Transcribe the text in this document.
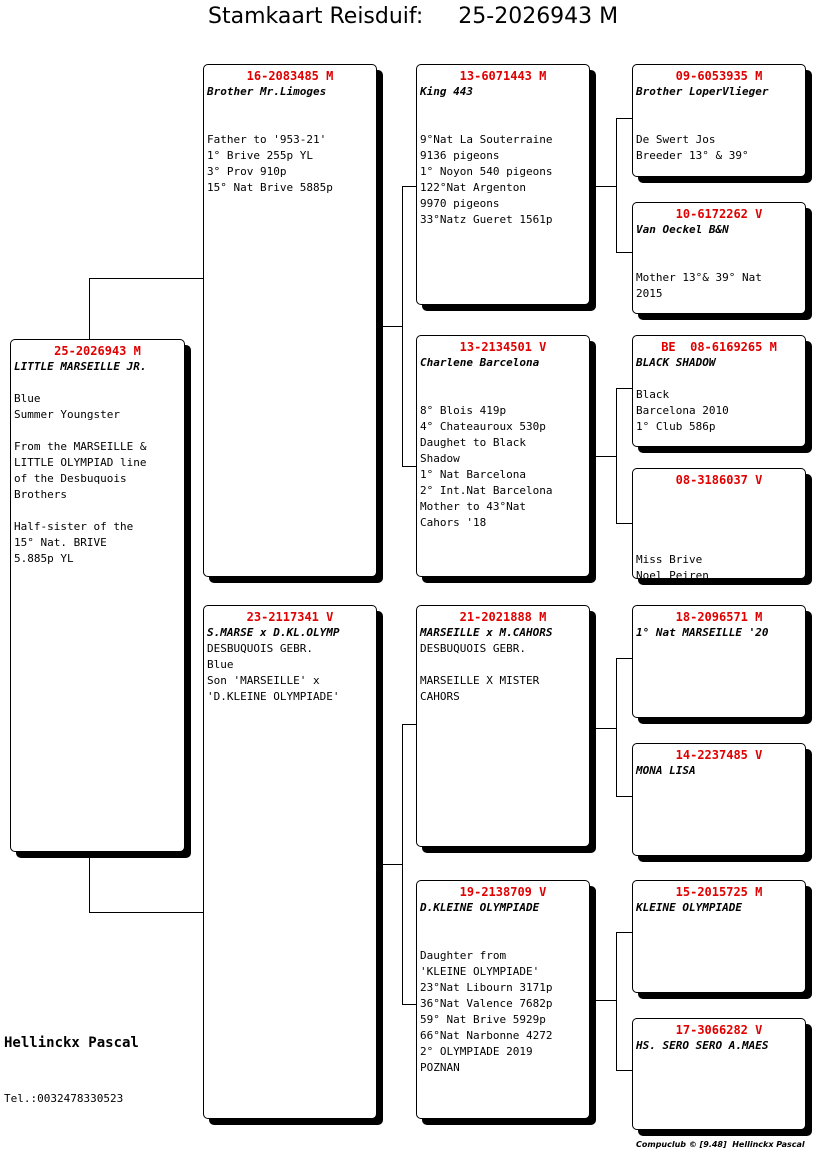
Stamkaart Reisduif: 25-2026943 M
25-2026943 M
LITTLE MARSEILLE JR.
Blue
Summer Youngster
From the MARSEILLE &
LITTLE OLYMPIAD line
of the Desbuquois
Brothers
Half-sister of the
15° Nat. BRIVE
5.885p YL
16-2083485 M
Brother Mr.Limoges
Father to '953-21'
1° Brive 255p YL
3° Prov 910p
15° Nat Brive 5885p
23-2117341 V
S.MARSE x D.KL.OLYMP
DESBUQUOIS GEBR.
Blue
Son 'MARSEILLE' x
'D.KLEINE OLYMPIADE'
13-6071443 M
King 443
9°Nat La Souterraine
9136 pigeons
1° Noyon 540 pigeons
122°Nat Argenton
9970 pigeons
33°Natz Gueret 1561p
13-2134501 V
Charlene Barcelona
8° Blois 419p
4° Chateauroux 530p
Daughet to Black
Shadow
1° Nat Barcelona
2° Int.Nat Barcelona
Mother to 43°Nat
Cahors '18
21-2021888 M
MARSEILLE x M.CAHORS
DESBUQUOIS GEBR.
MARSEILLE X MISTER
CAHORS
19-2138709 V
D.KLEINE OLYMPIADE
Daughter from
'KLEINE OLYMPIADE'
23°Nat Libourn 3171p
36°Nat Valence 7682p
59° Nat Brive 5929p
66°Nat Narbonne 4272
2° OLYMPIADE 2019
POZNAN
09-6053935 M
Brother LoperVlieger
De Swert Jos
Breeder 13° & 39°
10-6172262 V
Van Oeckel B&N
Mother 13°& 39° Nat
2015
BE  08-6169265 M
BLACK SHADOW
Black
Barcelona 2010
1° Club 586p
08-3186037 V
Miss Brive
Noel Peiren
18-2096571 M
1° Nat MARSEILLE '20
14-2237485 V
MONA LISA
15-2015725 M
KLEINE OLYMPIADE
17-3066282 V
HS. SERO SERO A.MAES
Hellinckx Pascal
Tel.:0032478330523
Compuclub © [9.48]  Hellinckx Pascal
